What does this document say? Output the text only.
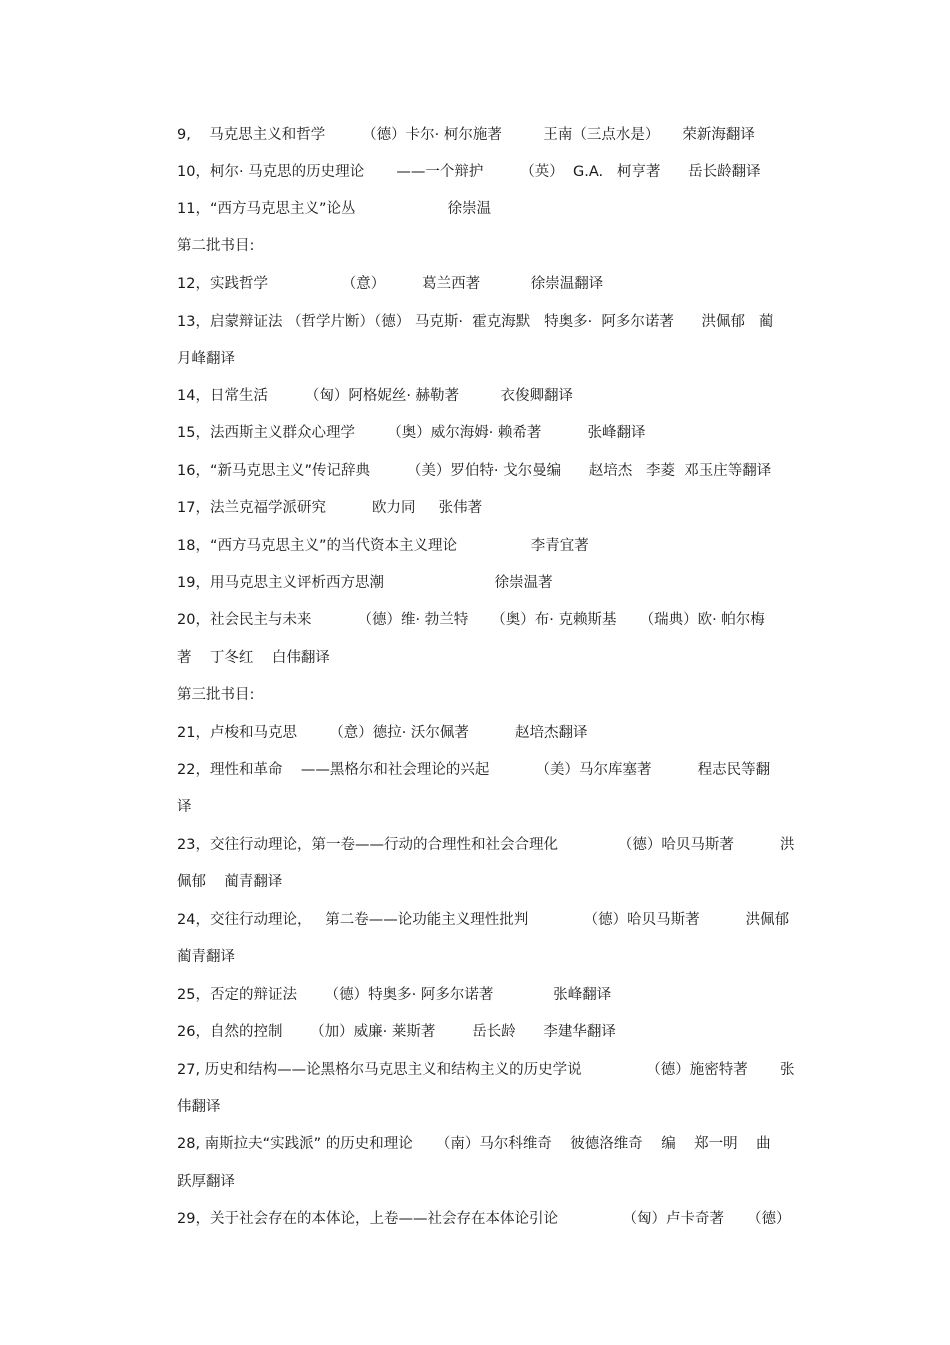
9,    马克思主义和哲学        （德）卡尔· 柯尔施著         王南（三点水是）     荣新海翻译
10，柯尔· 马克思的历史理论       ——一个辩护        （英）  G.A.   柯亨著      岳长龄翻译
11，“西方马克思主义”论丛                    徐崇温
第二批书目:
12，实践哲学                （意）        葛兰西著           徐崇温翻译
13，启蒙辩证法 （哲学片断）（德） 马克斯·  霍克海默   特奥多·  阿多尔诺著      洪佩郁   蔺
月峰翻译
14，日常生活        （匈）阿格妮丝· 赫勒著         衣俊卿翻译
15，法西斯主义群众心理学       （奥）威尔海姆· 赖希著          张峰翻译
16，“新马克思主义”传记辞典        （美）罗伯特· 戈尔曼编      赵培杰   李菱  邓玉庄等翻译
17，法兰克福学派研究          欧力同     张伟著
18，“西方马克思主义”的当代资本主义理论                李青宜著
19，用马克思主义评析西方思潮                        徐崇温著
20，社会民主与未来          （德）维· 勃兰特     （奥）布· 克赖斯基     （瑞典）欧· 帕尔梅
著    丁冬红    白伟翻译
第三批书目:
21，卢梭和马克思       （意）德拉· 沃尔佩著          赵培杰翻译
22，理性和革命    ——黑格尔和社会理论的兴起          （美）马尔库塞著          程志民等翻
译
23，交往行动理论，第一卷——行动的合理性和社会合理化             （德）哈贝马斯著          洪
佩郁    蔺青翻译
24，交往行动理论，   第二卷——论功能主义理性批判            （德）哈贝马斯著          洪佩郁
蔺青翻译
25，否定的辩证法      （德）特奥多· 阿多尔诺著             张峰翻译
26，自然的控制      （加）威廉· 莱斯著        岳长龄      李建华翻译
27, 历史和结构——论黑格尔马克思主义和结构主义的历史学说              （德）施密特著       张
伟翻译
28, 南斯拉夫“实践派” 的历史和理论     （南）马尔科维奇    彼德洛维奇    编    郑一明    曲
跃厚翻译
29，关于社会存在的本体论，上卷——社会存在本体论引论              （匈）卢卡奇著     （德）
